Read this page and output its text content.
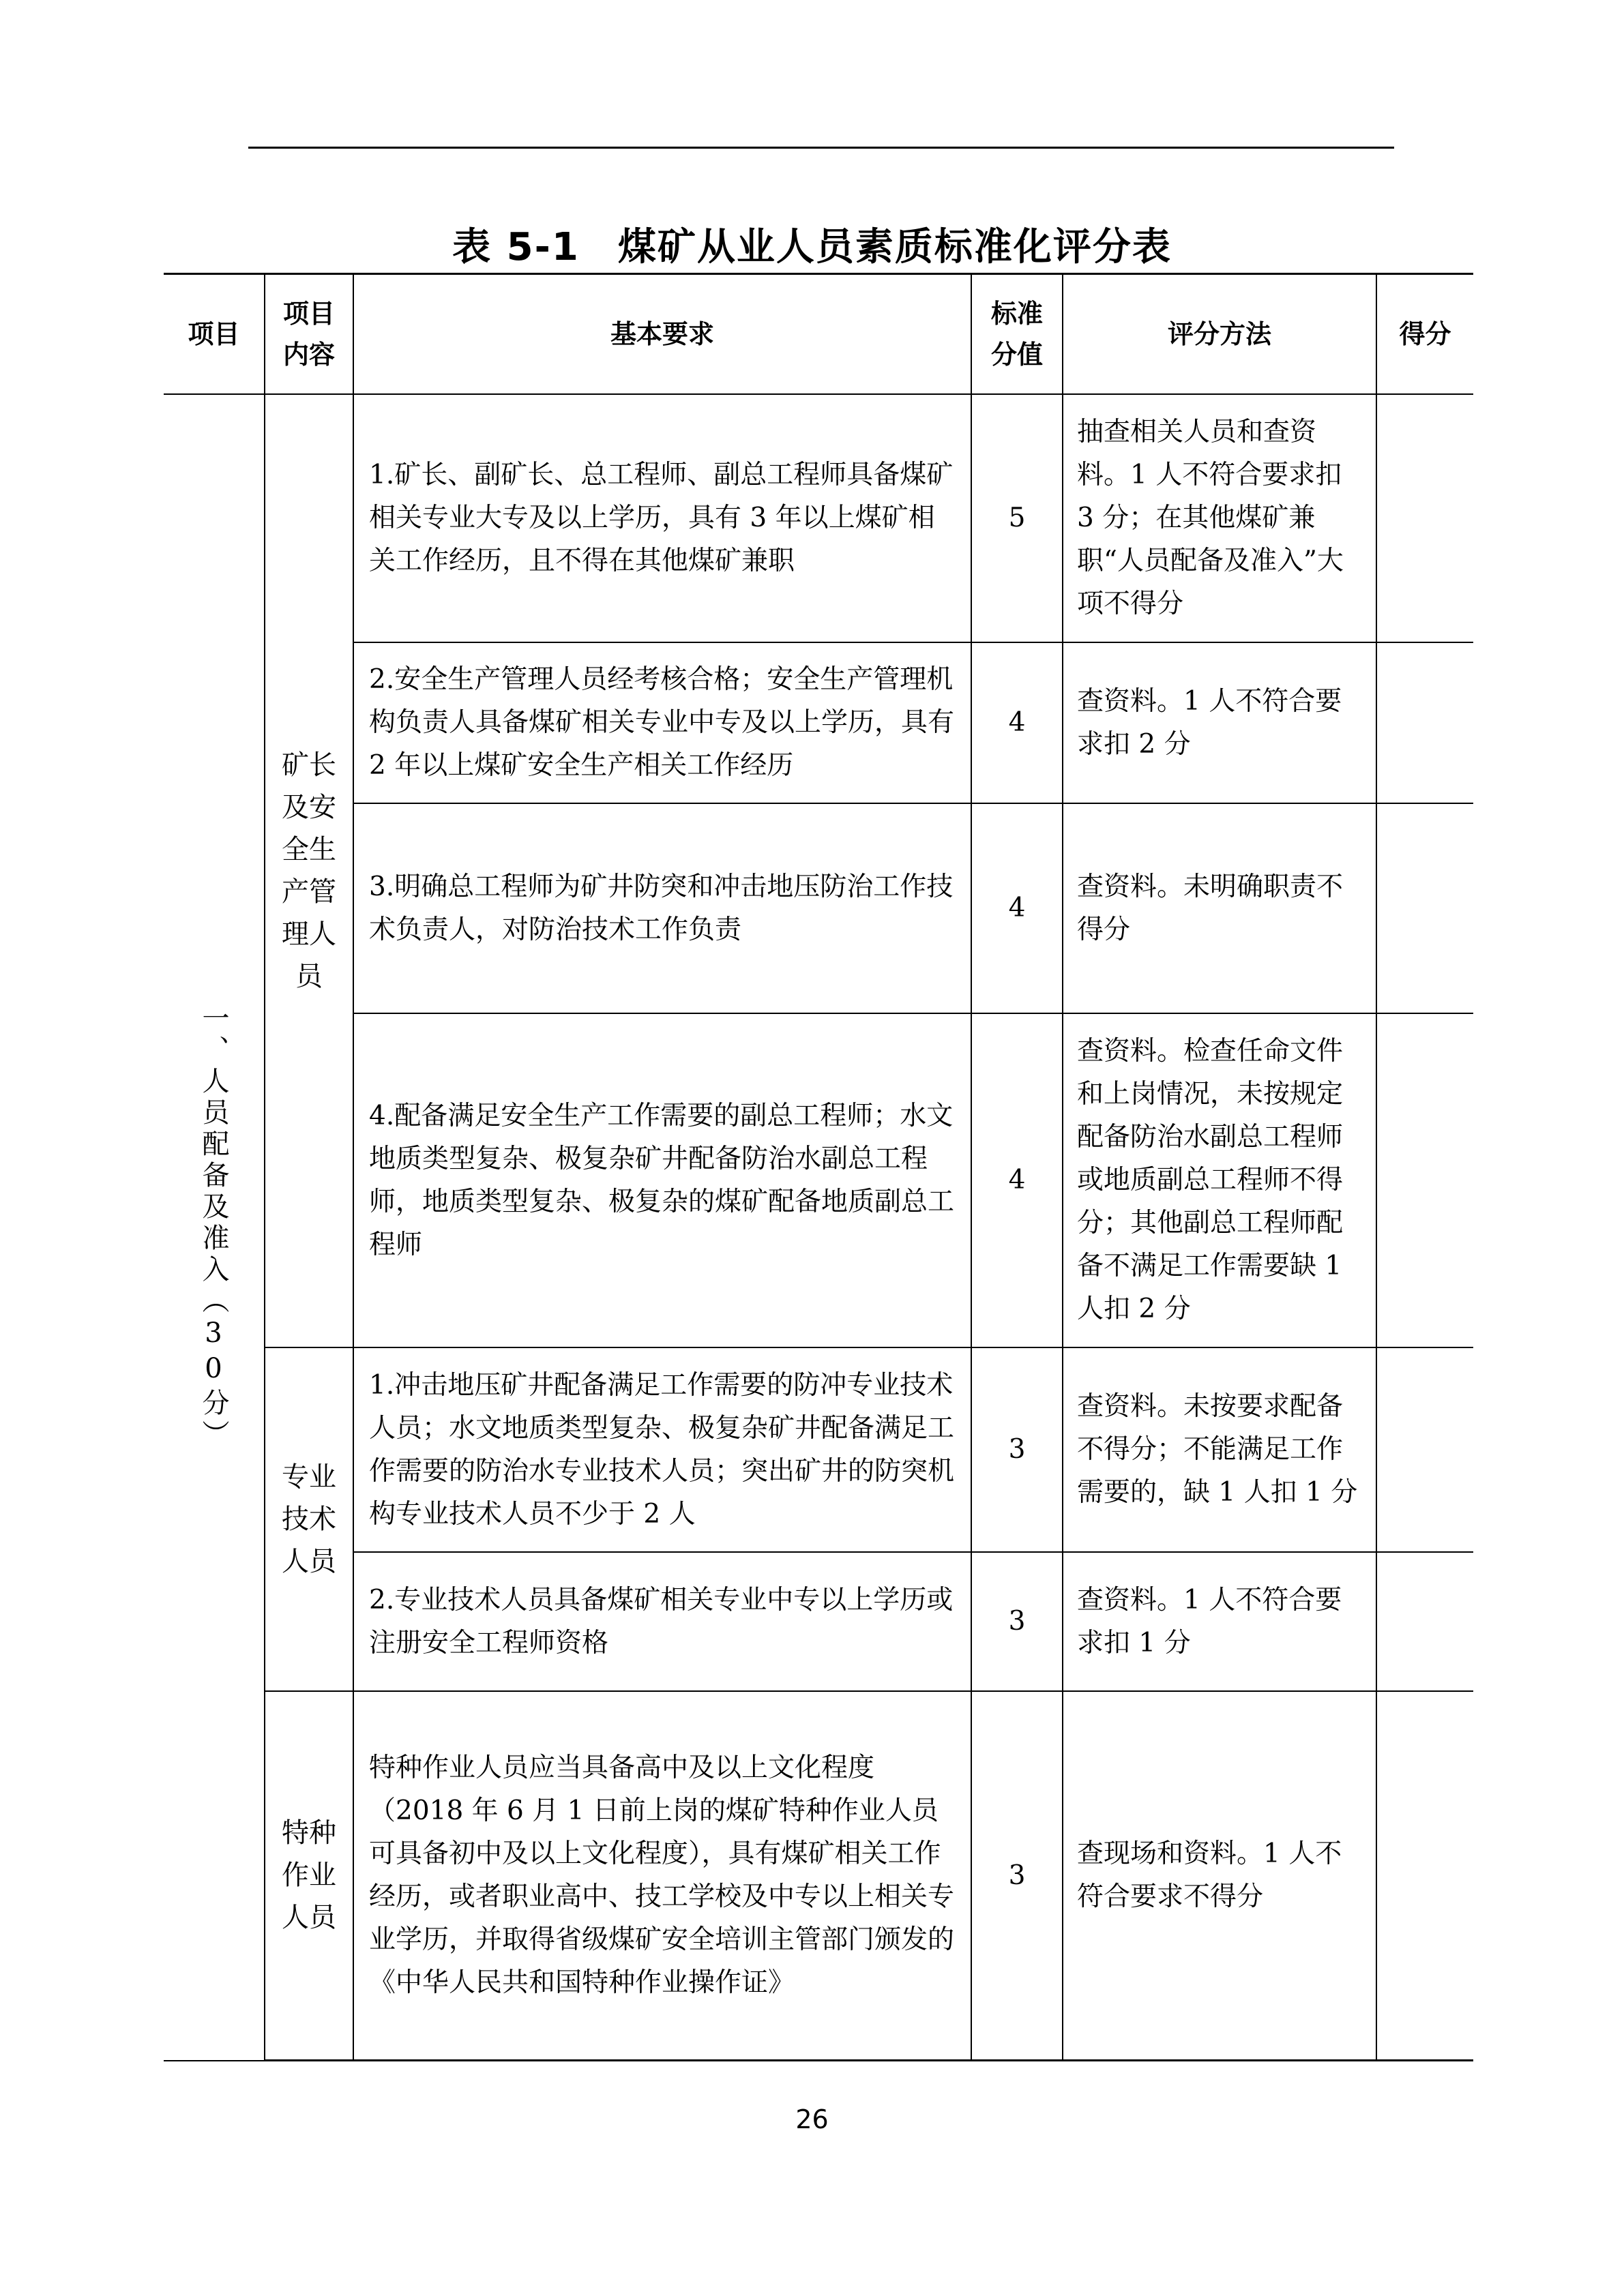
表 5-1 煤矿从业人员素质标准化评分表
项目	项目内容	基本要求	标准分值	评分方法	得分

一、人员配备及准入（30分）	矿长及安全生产管理人员	1.矿长、副矿长、总工程师、副总工程师具备煤矿相关专业大专及以上学历，具有 3 年以上煤矿相关工作经历，且不得在其他煤矿兼职	5	抽查相关人员和查资料。1 人不符合要求扣 3 分；在其他煤矿兼职“人员配备及准入”大项不得分	
		2.安全生产管理人员经考核合格；安全生产管理机构负责人具备煤矿相关专业中专及以上学历，具有 2 年以上煤矿安全生产相关工作经历	4	查资料。1 人不符合要求扣 2 分	
		3.明确总工程师为矿井防突和冲击地压防治工作技术负责人，对防治技术工作负责	4	查资料。未明确职责不得分	
		4.配备满足安全生产工作需要的副总工程师；水文地质类型复杂、极复杂矿井配备防治水副总工程师，地质类型复杂、极复杂的煤矿配备地质副总工程师	4	查资料。检查任命文件和上岗情况，未按规定配备防治水副总工程师或地质副总工程师不得分；其他副总工程师配备不满足工作需要缺 1 人扣 2 分	

	专业技术人员	1.冲击地压矿井配备满足工作需要的防冲专业技术人员；水文地质类型复杂、极复杂矿井配备满足工作需要的防治水专业技术人员；突出矿井的防突机构专业技术人员不少于 2 人	3	查资料。未按要求配备不得分；不能满足工作需要的，缺 1 人扣 1 分	
		2.专业技术人员具备煤矿相关专业中专以上学历或注册安全工程师资格	3	查资料。1 人不符合要求扣 1 分	

	特种作业人员	特种作业人员应当具备高中及以上文化程度（2018 年 6 月 1 日前上岗的煤矿特种作业人员可具备初中及以上文化程度），具有煤矿相关工作经历，或者职业高中、技工学校及中专以上相关专业学历，并取得省级煤矿安全培训主管部门颁发的《中华人民共和国特种作业操作证》	3	查现场和资料。1 人不符合要求不得分	
26
